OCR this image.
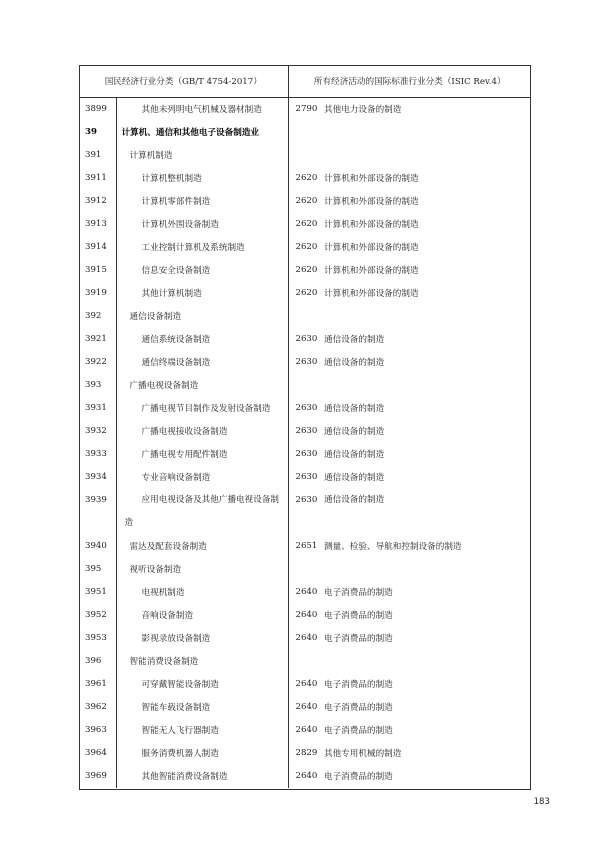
国民经济行业分类（GB/T 4754-2017）		所有经济活动的国际标准行业分类（ISIC Rev.4）	
3899	其他未列明电气机械及器材制造	2790	其他电力设备的制造
39	计算机、通信和其他电子设备制造业		
391	计算机制造		
3911	计算机整机制造	2620	计算机和外部设备的制造
3912	计算机零部件制造	2620	计算机和外部设备的制造
3913	计算机外围设备制造	2620	计算机和外部设备的制造
3914	工业控制计算机及系统制造	2620	计算机和外部设备的制造
3915	信息安全设备制造	2620	计算机和外部设备的制造
3919	其他计算机制造	2620	计算机和外部设备的制造
392	通信设备制造		
3921	通信系统设备制造	2630	通信设备的制造
3922	通信终端设备制造	2630	通信设备的制造
393	广播电视设备制造		
3931	广播电视节目制作及发射设备制造	2630	通信设备的制造
3932	广播电视接收设备制造	2630	通信设备的制造
3933	广播电视专用配件制造	2630	通信设备的制造
3934	专业音响设备制造	2630	通信设备的制造
3939	应用电视设备及其他广播电视设备制造	2630	通信设备的制造
3940	雷达及配套设备制造	2651	测量、检验、导航和控制设备的制造
395	视听设备制造		
3951	电视机制造	2640	电子消费品的制造
3952	音响设备制造	2640	电子消费品的制造
3953	影视录放设备制造	2640	电子消费品的制造
396	智能消费设备制造		
3961	可穿戴智能设备制造	2640	电子消费品的制造
3962	智能车载设备制造	2640	电子消费品的制造
3963	智能无人飞行器制造	2640	电子消费品的制造
3964	服务消费机器人制造	2829	其他专用机械的制造
3969	其他智能消费设备制造	2640	电子消费品的制造
183
